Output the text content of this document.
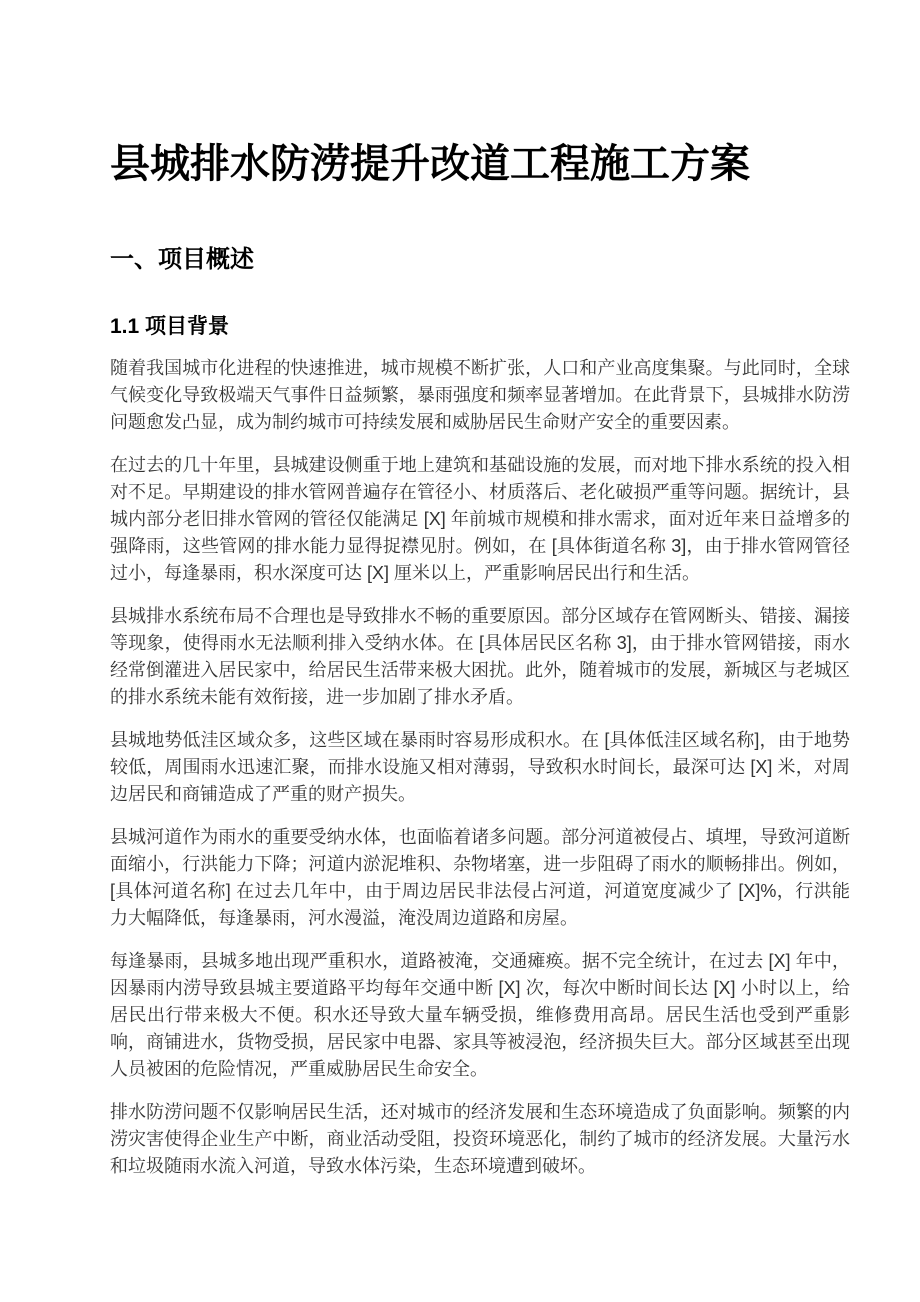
县城排水防涝提升改道工程施工方案
一、项目概述
1.1 项目背景

随着我国城市化进程的快速推进，城市规模不断扩张，人口和产业高度集聚。与此同时，全球气候变化导致极端天气事件日益频繁，暴雨强度和频率显著增加。在此背景下，县城排水防涝问题愈发凸显，成为制约城市可持续发展和威胁居民生命财产安全的重要因素。

在过去的几十年里，县城建设侧重于地上建筑和基础设施的发展，而对地下排水系统的投入相对不足。早期建设的排水管网普遍存在管径小、材质落后、老化破损严重等问题。据统计，县城内部分老旧排水管网的管径仅能满足 [X] 年前城市规模和排水需求，面对近年来日益增多的强降雨，这些管网的排水能力显得捉襟见肘。例如，在 [具体街道名称 3]，由于排水管网管径过小，每逢暴雨，积水深度可达 [X] 厘米以上，严重影响居民出行和生活。

县城排水系统布局不合理也是导致排水不畅的重要原因。部分区域存在管网断头、错接、漏接等现象，使得雨水无法顺利排入受纳水体。在 [具体居民区名称 3]，由于排水管网错接，雨水经常倒灌进入居民家中，给居民生活带来极大困扰。此外，随着城市的发展，新城区与老城区的排水系统未能有效衔接，进一步加剧了排水矛盾。

县城地势低洼区域众多，这些区域在暴雨时容易形成积水。在 [具体低洼区域名称]，由于地势较低，周围雨水迅速汇聚，而排水设施又相对薄弱，导致积水时间长，最深可达 [X] 米，对周边居民和商铺造成了严重的财产损失。

县城河道作为雨水的重要受纳水体，也面临着诸多问题。部分河道被侵占、填埋，导致河道断面缩小，行洪能力下降；河道内淤泥堆积、杂物堵塞，进一步阻碍了雨水的顺畅排出。例如，[具体河道名称] 在过去几年中，由于周边居民非法侵占河道，河道宽度减少了 [X]%，行洪能力大幅降低，每逢暴雨，河水漫溢，淹没周边道路和房屋。

每逢暴雨，县城多地出现严重积水，道路被淹，交通瘫痪。据不完全统计，在过去 [X] 年中，因暴雨内涝导致县城主要道路平均每年交通中断 [X] 次，每次中断时间长达 [X] 小时以上，给居民出行带来极大不便。积水还导致大量车辆受损，维修费用高昂。居民生活也受到严重影响，商铺进水，货物受损，居民家中电器、家具等被浸泡，经济损失巨大。部分区域甚至出现人员被困的危险情况，严重威胁居民生命安全。

排水防涝问题不仅影响居民生活，还对城市的经济发展和生态环境造成了负面影响。频繁的内涝灾害使得企业生产中断，商业活动受阻，投资环境恶化，制约了城市的经济发展。大量污水和垃圾随雨水流入河道，导致水体污染，生态环境遭到破坏。
